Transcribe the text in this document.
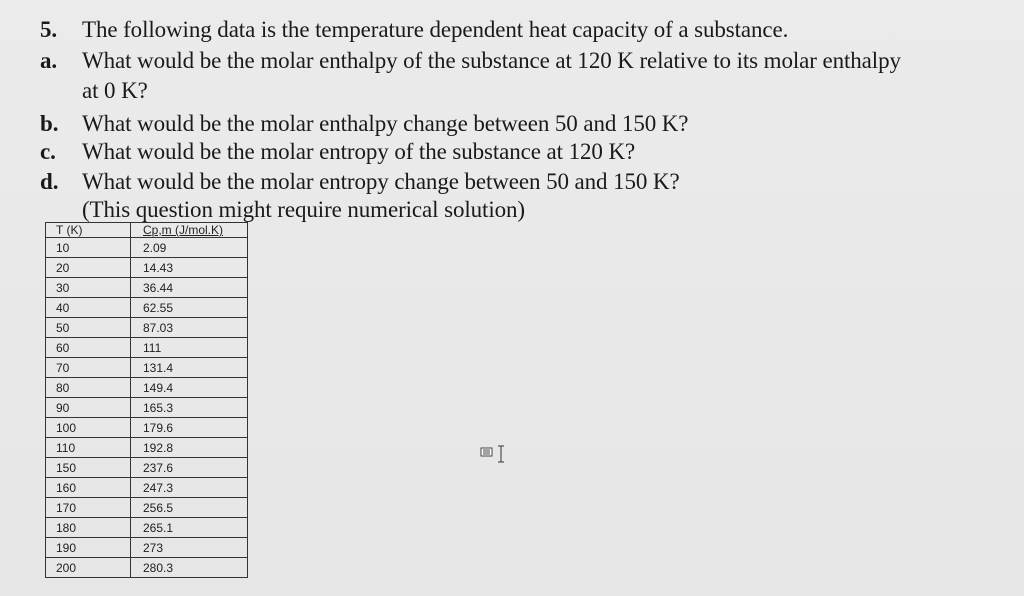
5. The following data is the temperature dependent heat capacity of a substance.
a. What would be the molar enthalpy of the substance at 120 K relative to its molar enthalpy
at 0 K?
b. What would be the molar enthalpy change between 50 and 150 K?
c. What would be the molar entropy of the substance at 120 K?
d. What would be the molar entropy change between 50 and 150 K?
(This question might require numerical solution)
T (K)	Cp,m (J/mol.K)
10	2.09
20	14.43
30	36.44
40	62.55
50	87.03
60	111
70	131.4
80	149.4
90	165.3
100	179.6
110	192.8
150	237.6
160	247.3
170	256.5
180	265.1
190	273
200	280.3
